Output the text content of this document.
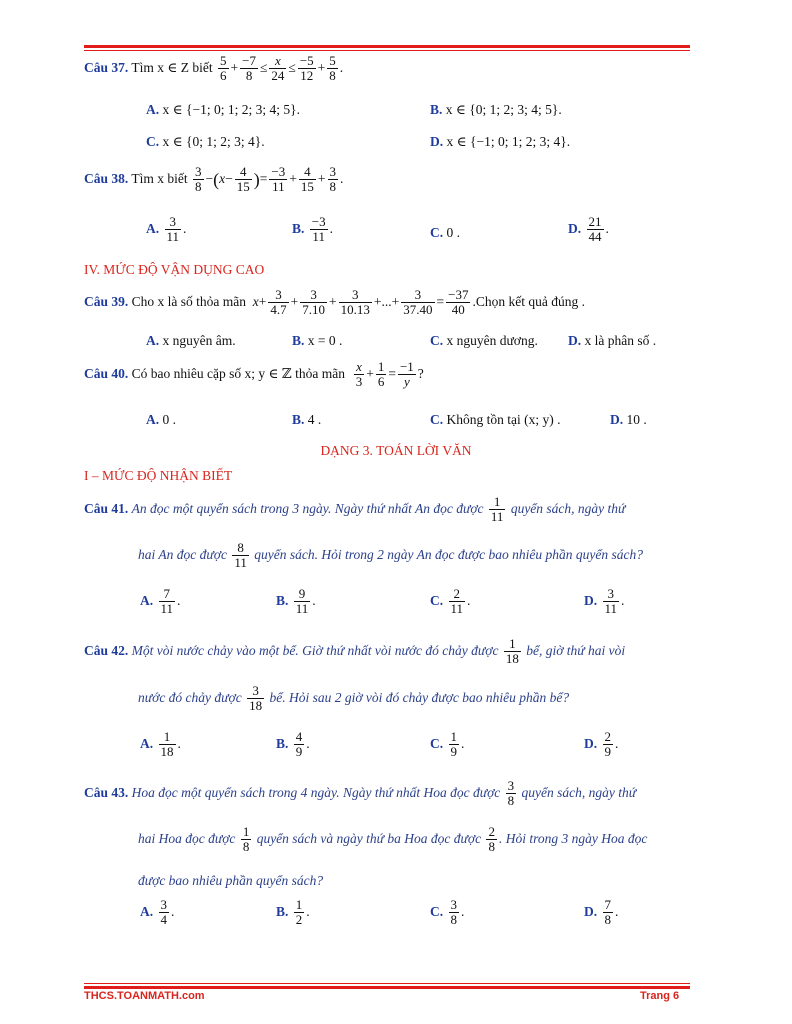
Câu 37. Tìm x ∈ Z biết $\frac{5}{6} + \frac{-7}{8} \le \frac{x}{24} \le \frac{-5}{12} + \frac{5}{8}$ .
A. x ∈ {−1; 0; 1; 2; 3; 4; 5}.	B. x ∈ {0; 1; 2; 3; 4; 5}.
C. x ∈ {0; 1; 2; 3; 4}.	D. x ∈ {−1; 0; 1; 2; 3; 4}.
Câu 38. Tìm x biết $\frac{3}{8} -(x- \frac{4}{15}$ )= $\frac{-3}{11} + \frac{4}{15} + \frac{3}{8}$ .
A. $\frac{3}{11}$ .	B. $\frac{-3}{11}$ .	C. 0 .	D. $\frac{21}{44}$ .
IV. MỨC ĐỘ VẬN DỤNG CAO
Câu 39. Cho x là số thỏa mãn $x+ \frac{3}{4.7} + \frac{3}{7.10} + \frac{3}{10.13}$ +...+ $\frac{3}{37.40} = \frac{-37}{40}$ .Chọn kết quả đúng .
A. x nguyên âm.	B. x = 0 .	C. x nguyên dương. D. x là phân số .
Câu 40. Có bao nhiêu cặp số x; y ∈ ℤ thỏa mãn $\frac{x}{3} + \frac{1}{6} = \frac{-1}{y}$ ?
A. 0 .	B. 4 .	C. Không tồn tại (x; y) .	D. 10 .
DẠNG 3. TOÁN LỜI VĂN
I – MỨC ĐỘ NHẬN BIẾT
Câu 41. An đọc một quyển sách trong 3 ngày. Ngày thứ nhất An đọc được $\frac{1}{11}$ quyển sách, ngày thứ
hai An đọc được $\frac{8}{11}$ quyển sách. Hỏi trong 2 ngày An đọc được bao nhiêu phần quyển sách?
A. $\frac{7}{11}$ .	B. $\frac{9}{11}$ .	C. $\frac{2}{11}$ .	D. $\frac{3}{11}$ .
Câu 42. Một vòi nước chảy vào một bể. Giờ thứ nhất vòi nước đó chảy được $\frac{1}{18}$ bể, giờ thứ hai vòi
nước đó chảy được $\frac{3}{18}$ bể. Hỏi sau 2 giờ vòi đó chảy được bao nhiêu phần bể?
A. $\frac{1}{18}$ .	B. $\frac{4}{9}$ .	C. $\frac{1}{9}$ .	D. $\frac{2}{9}$ .
Câu 43. Hoa đọc một quyển sách trong 4 ngày. Ngày thứ nhất Hoa đọc được $\frac{3}{8}$ quyển sách, ngày thứ
hai Hoa đọc được $\frac{1}{8}$ quyển sách và ngày thứ ba Hoa đọc được $\frac{2}{8}$ . Hỏi trong 3 ngày Hoa đọc
được bao nhiêu phần quyển sách?
A. $\frac{3}{4}$ .	B. $\frac{1}{2}$ .	C. $\frac{3}{8}$ .	D. $\frac{7}{8}$ .
THCS.TOANMATH.com	Trang 6
